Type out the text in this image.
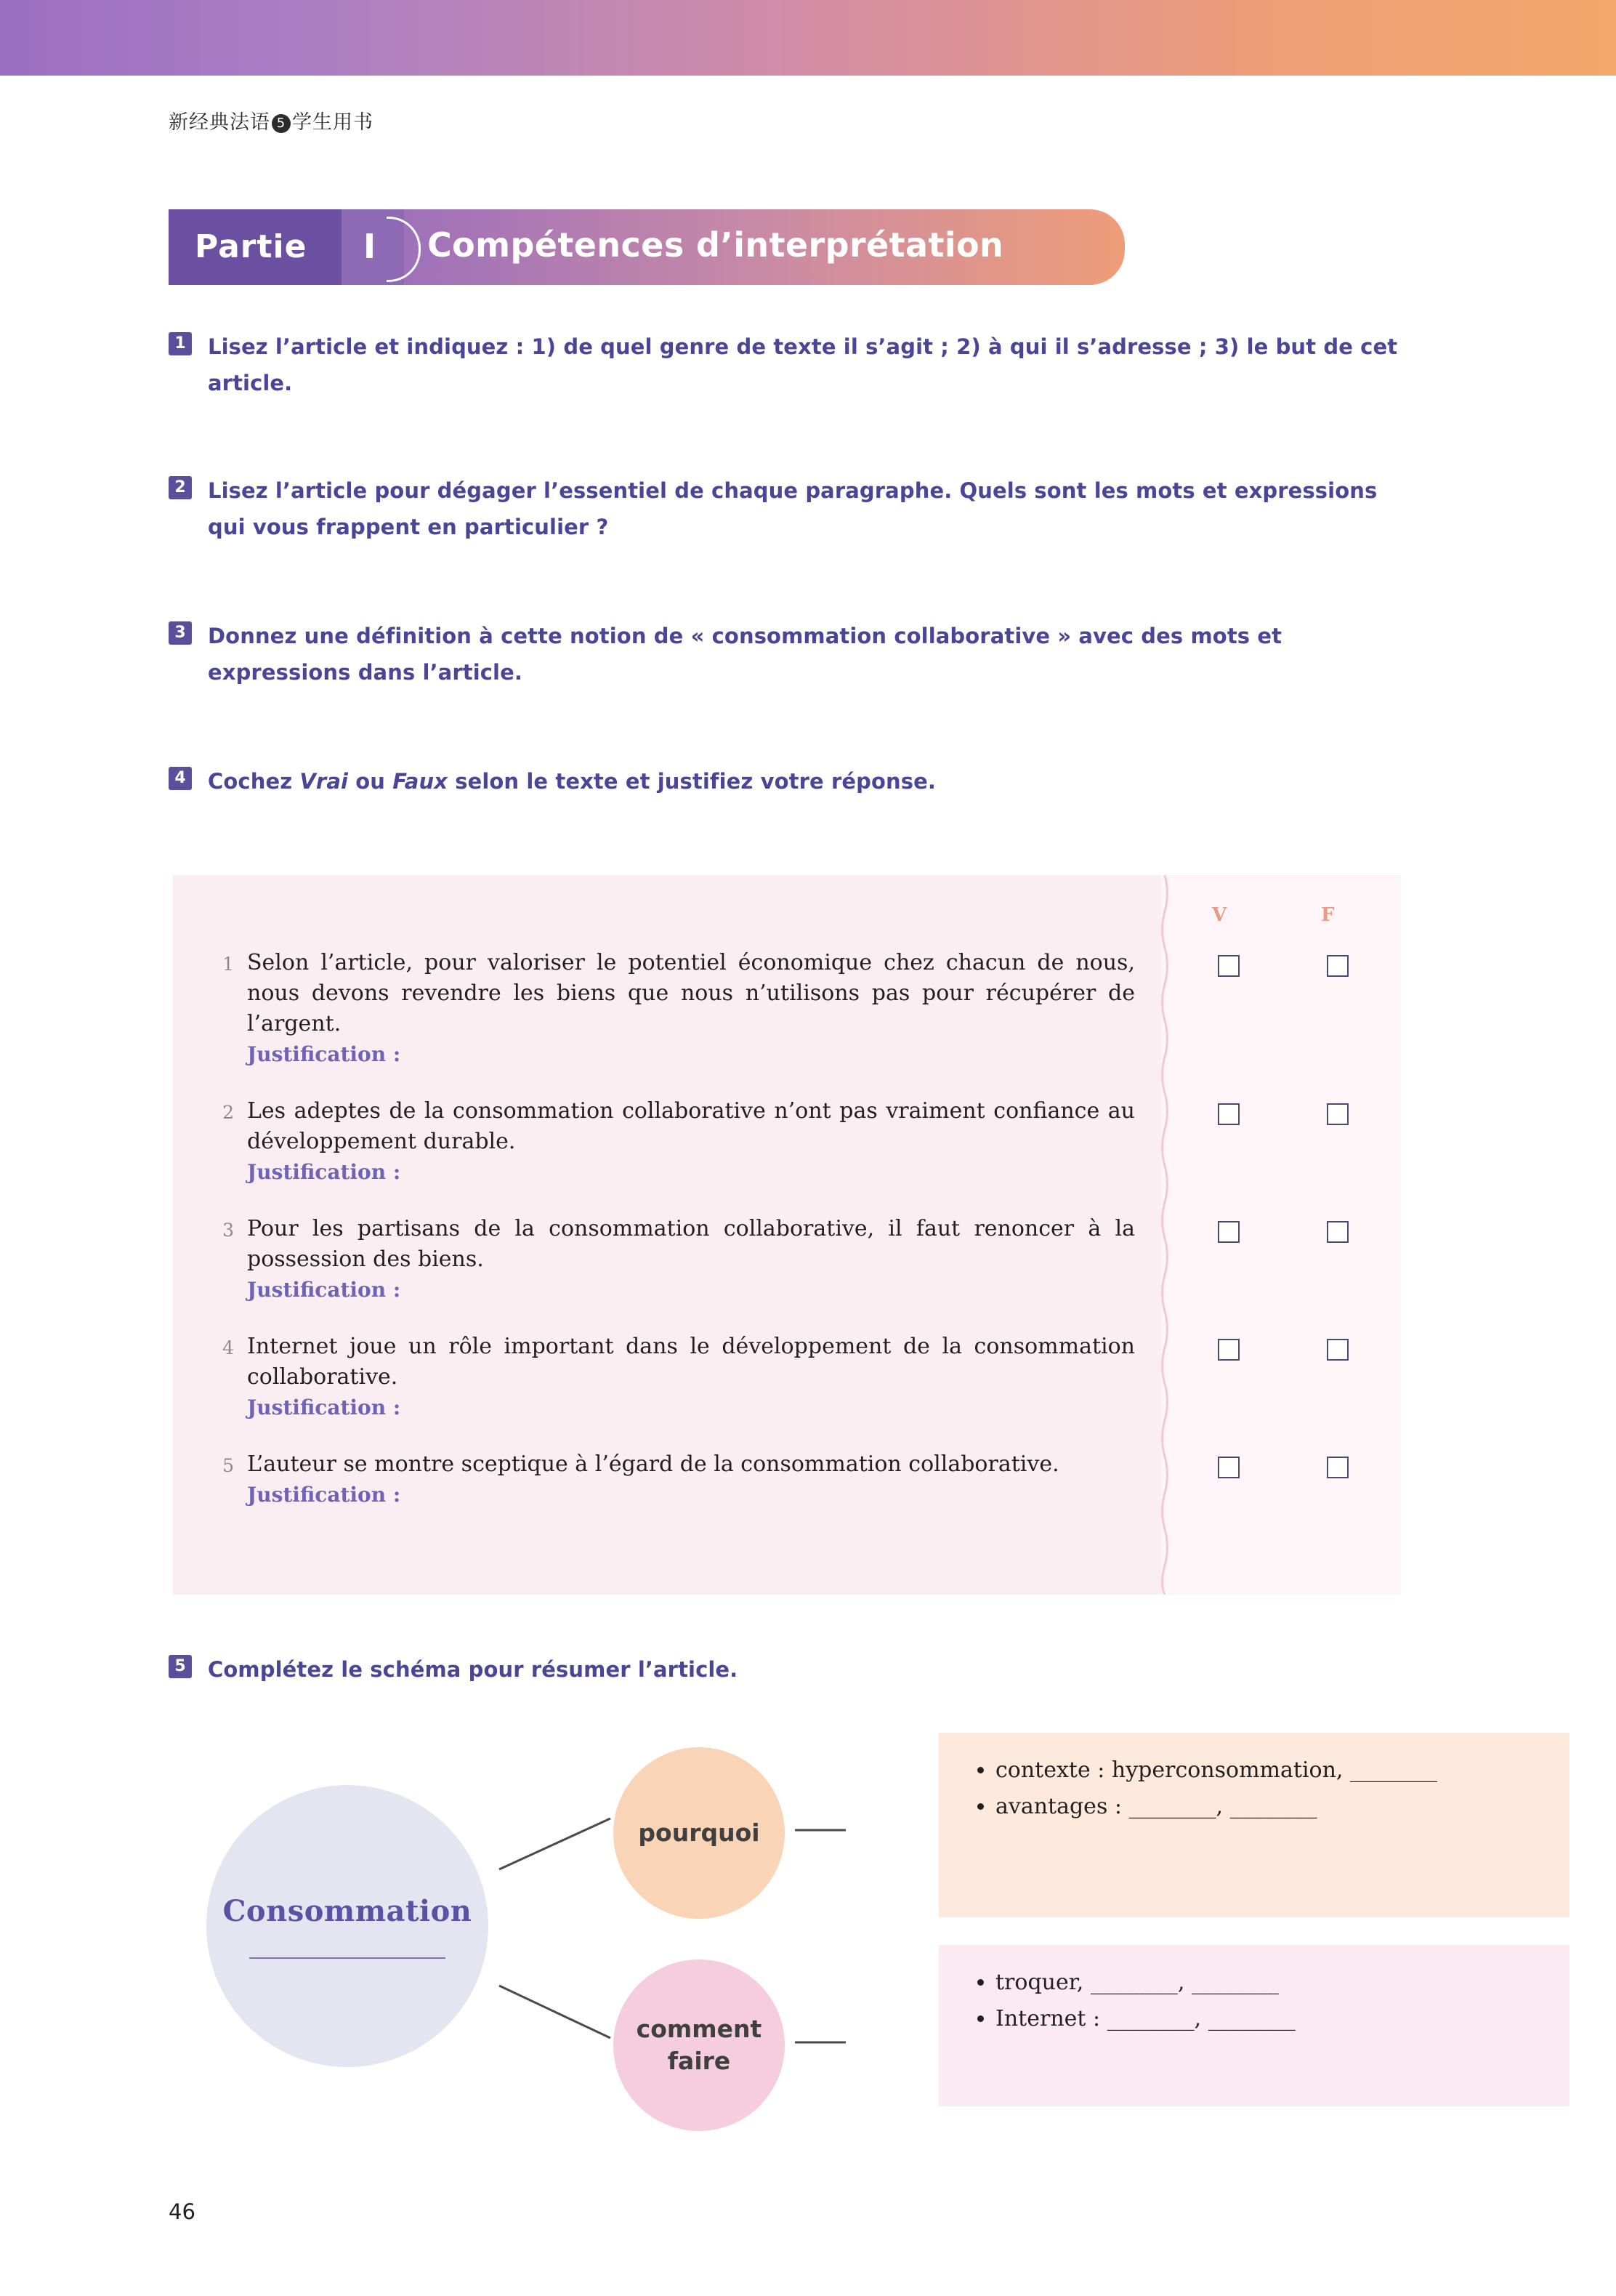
新经典法语 5 学生用书
Partie I Compétences d’interprétation
1 Lisez l’article et indiquez : 1) de quel genre de texte il s’agit ; 2) à qui il s’adresse ; 3) le but de cet article.
2 Lisez l’article pour dégager l’essentiel de chaque paragraphe. Quels sont les mots et expressions qui vous frappent en particulier ?
3 Donnez une définition à cette notion de « consommation collaborative » avec des mots et expressions dans l’article.
4 Cochez Vrai ou Faux selon le texte et justifiez votre réponse.
V	F
1 Selon l’article, pour valoriser le potentiel économique chez chacun de nous, nous devons revendre les biens que nous n’utilisons pas pour récupérer de l’argent.
Justification :
2 Les adeptes de la consommation collaborative n’ont pas vraiment confiance au développement durable.
Justification :
3 Pour les partisans de la consommation collaborative, il faut renoncer à la possession des biens.
Justification :
4 Internet joue un rôle important dans le développement de la consommation collaborative.
Justification :
5 L’auteur se montre sceptique à l’égard de la consommation collaborative.
Justification :
5 Complétez le schéma pour résumer l’article.
Consommation
pourquoi
comment
faire
• contexte : hyperconsommation, ________
• avantages : ________, ________
• troquer, ________, ________
• Internet : ________, ________
46
